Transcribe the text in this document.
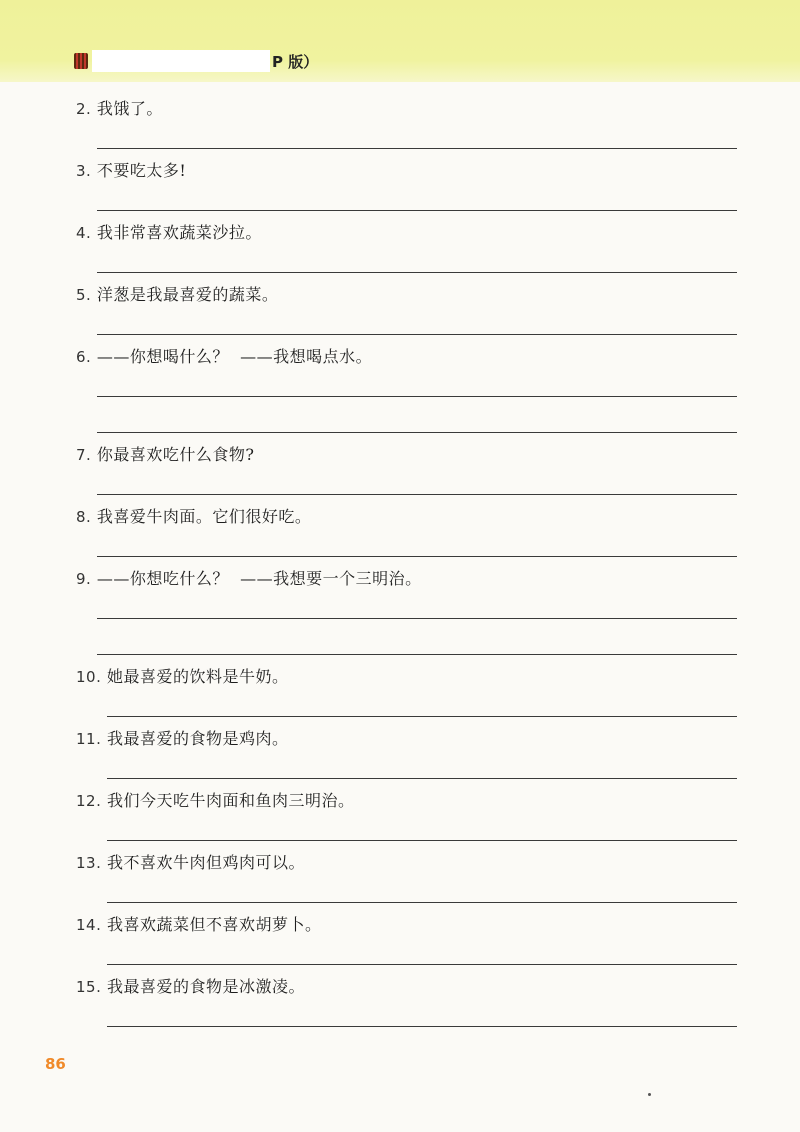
P 版）
2. 我饿了。
3. 不要吃太多!
4. 我非常喜欢蔬菜沙拉。
5. 洋葱是我最喜爱的蔬菜。
6. ——你想喝什么？  ——我想喝点水。
7. 你最喜欢吃什么食物?
8. 我喜爱牛肉面。它们很好吃。
9. ——你想吃什么？  ——我想要一个三明治。
10. 她最喜爱的饮料是牛奶。
11. 我最喜爱的食物是鸡肉。
12. 我们今天吃牛肉面和鱼肉三明治。
13. 我不喜欢牛肉但鸡肉可以。
14. 我喜欢蔬菜但不喜欢胡萝卜。
15. 我最喜爱的食物是冰激凌。
86
